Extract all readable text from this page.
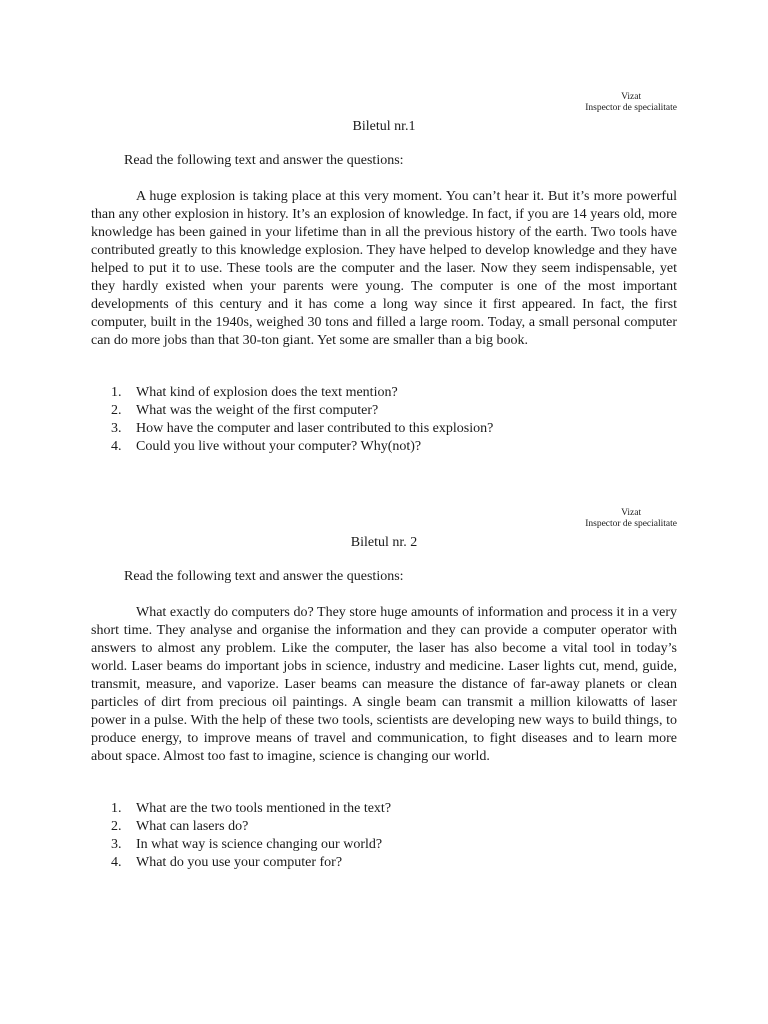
Vizat
Inspector de specialitate
Biletul nr.1

Read the following text and answer the questions:

A huge explosion is taking place at this very moment. You can’t hear it. But it’s more powerful than any other explosion in history. It’s an explosion of knowledge. In fact, if you are 14 years old, more knowledge has been gained in your lifetime than in all the previous history of the earth. Two tools have contributed greatly to this knowledge explosion. They have helped to develop knowledge and they have helped to put it to use. These tools are the computer and the laser. Now they seem indispensable, yet they hardly existed when your parents were young. The computer is one of the most important developments of this century and it has come a long way since it first appeared. In fact, the first computer, built in the 1940s, weighed 30 tons and filled a large room. Today, a small personal computer can do more jobs than that 30-ton giant. Yet some are smaller than a big book.

1. What kind of explosion does the text mention?
2. What was the weight of the first computer?
3. How have the computer and laser contributed to this explosion?
4. Could you live without your computer? Why(not)?
Vizat
Inspector de specialitate
Biletul nr. 2

Read the following text and answer the questions:

What exactly do computers do? They store huge amounts of information and process it in a very short time. They analyse and organise the information and they can provide a computer operator with answers to almost any problem. Like the computer, the laser has also become a vital tool in today’s world. Laser beams do important jobs in science, industry and medicine. Laser lights cut, mend, guide, transmit, measure, and vaporize. Laser beams can measure the distance of far-away planets or clean particles of dirt from precious oil paintings. A single beam can transmit a million kilowatts of laser power in a pulse. With the help of these two tools, scientists are developing new ways to build things, to produce energy, to improve means of travel and communication, to fight diseases and to learn more about space. Almost too fast to imagine, science is changing our world.

1. What are the two tools mentioned in the text?
2. What can lasers do?
3. In what way is science changing our world?
4. What do you use your computer for?
